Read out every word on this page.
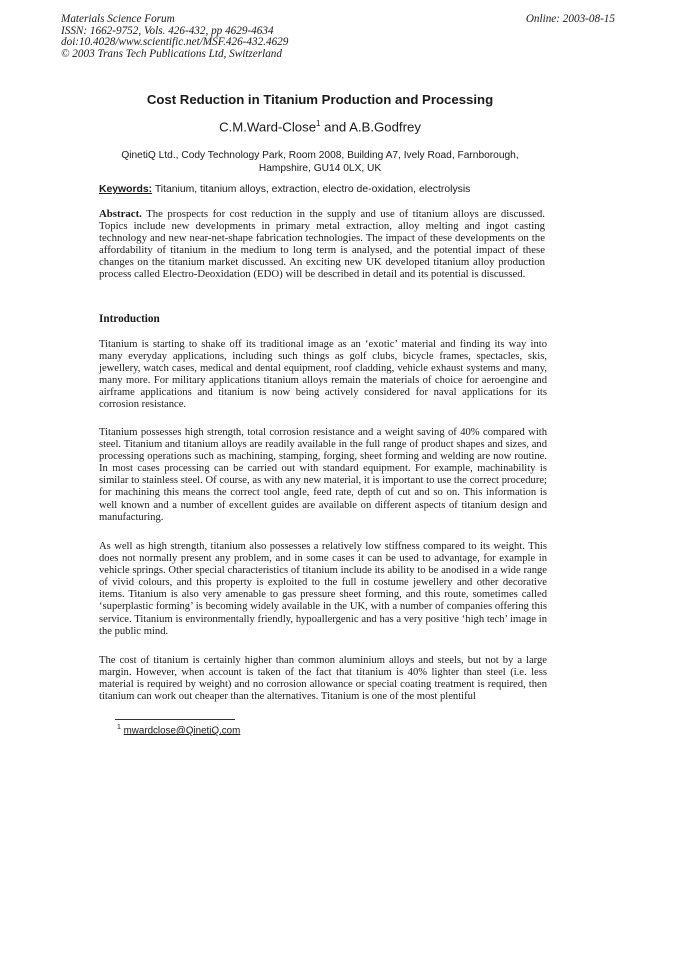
Materials Science Forum
ISSN: 1662-9752, Vols. 426-432, pp 4629-4634
doi:10.4028/www.scientific.net/MSF.426-432.4629
© 2003 Trans Tech Publications Ltd, Switzerland
Online: 2003-08-15
Cost Reduction in Titanium Production and Processing
C.M.Ward-Close$^1$ and A.B.Godfrey
QinetiQ Ltd., Cody Technology Park, Room 2008, Building A7, Ively Road, Farnborough,
Hampshire, GU14 0LX, UK
Keywords: Titanium, titanium alloys, extraction, electro de-oxidation, electrolysis
Abstract. The prospects for cost reduction in the supply and use of titanium alloys are discussed. Topics include new developments in primary metal extraction, alloy melting and ingot casting technology and new near-net-shape fabrication technologies. The impact of these developments on the affordability of titanium in the medium to long term is analysed, and the potential impact of these changes on the titanium market discussed. An exciting new UK developed titanium alloy production process called Electro-Deoxidation (EDO) will be described in detail and its potential is discussed.
Introduction
Titanium is starting to shake off its traditional image as an ‘exotic’ material and finding its way into many everyday applications, including such things as golf clubs, bicycle frames, spectacles, skis, jewellery, watch cases, medical and dental equipment, roof cladding, vehicle exhaust systems and many, many more. For military applications titanium alloys remain the materials of choice for aeroengine and airframe applications and titanium is now being actively considered for naval applications for its corrosion resistance.
Titanium possesses high strength, total corrosion resistance and a weight saving of 40% compared with steel. Titanium and titanium alloys are readily available in the full range of product shapes and sizes, and processing operations such as machining, stamping, forging, sheet forming and welding are now routine. In most cases processing can be carried out with standard equipment. For example, machinability is similar to stainless steel. Of course, as with any new material, it is important to use the correct procedure; for machining this means the correct tool angle, feed rate, depth of cut and so on. This information is well known and a number of excellent guides are available on different aspects of titanium design and manufacturing.
As well as high strength, titanium also possesses a relatively low stiffness compared to its weight. This does not normally present any problem, and in some cases it can be used to advantage, for example in vehicle springs. Other special characteristics of titanium include its ability to be anodised in a wide range of vivid colours, and this property is exploited to the full in costume jewellery and other decorative items. Titanium is also very amenable to gas pressure sheet forming, and this route, sometimes called ‘superplastic forming’ is becoming widely available in the UK, with a number of companies offering this service. Titanium is environmentally friendly, hypoallergenic and has a very positive ‘high tech’ image in the public mind.
The cost of titanium is certainly higher than common aluminium alloys and steels, but not by a large margin. However, when account is taken of the fact that titanium is 40% lighter than steel (i.e. less material is required by weight) and no corrosion allowance or special coating treatment is required, then titanium can work out cheaper than the alternatives. Titanium is one of the most plentiful
$^1$ mwardclose@QinetiQ.com
